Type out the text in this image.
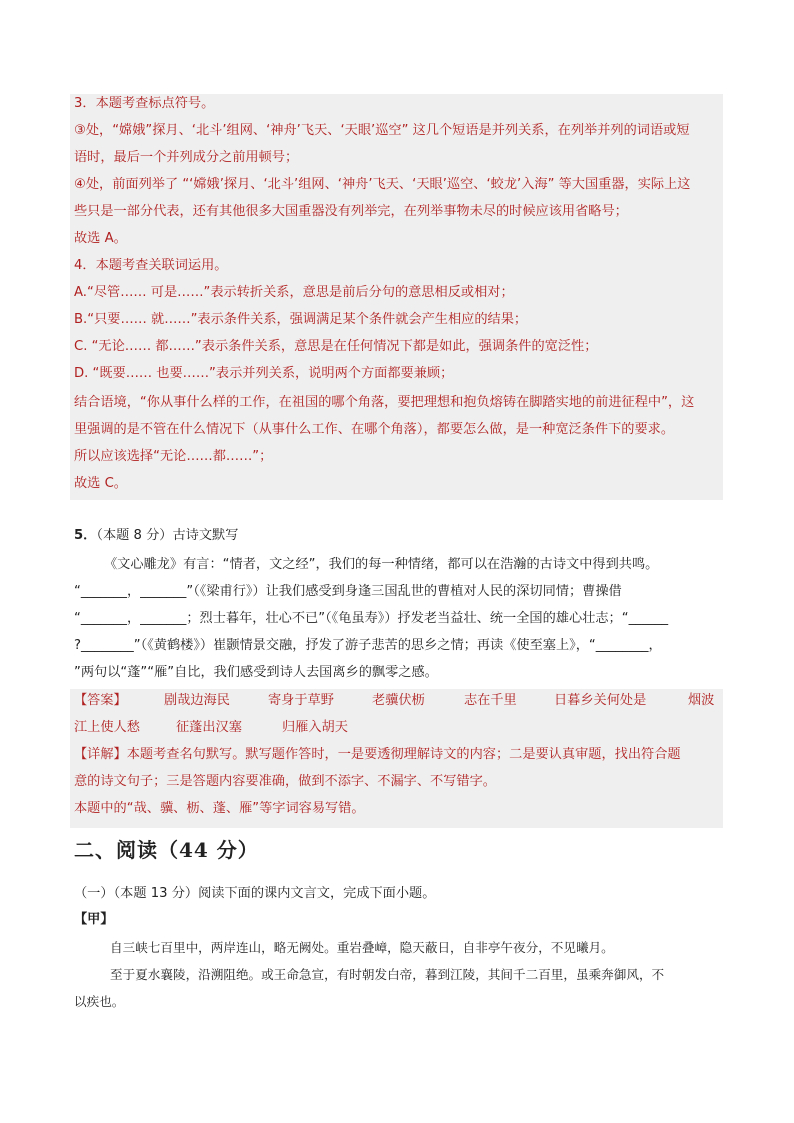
3．本题考查标点符号。
③处，“嫦娥”探月、‘北斗’组网、‘神舟’飞天、‘天眼’巡空” 这几个短语是并列关系，在列举并列的词语或短
语时，最后一个并列成分之前用顿号；
④处，前面列举了 “‘嫦娥’探月、‘北斗’组网、‘神舟’飞天、‘天眼’巡空、‘蛟龙’入海” 等大国重器，实际上这
些只是一部分代表，还有其他很多大国重器没有列举完，在列举事物未尽的时候应该用省略号；
故选 A。
4．本题考查关联词运用。
A.“尽管…… 可是……”表示转折关系，意思是前后分句的意思相反或相对；
B.“只要…… 就……”表示条件关系，强调满足某个条件就会产生相应的结果；
C. “无论…… 都……”表示条件关系，意思是在任何情况下都是如此，强调条件的宽泛性；
D. “既要…… 也要……”表示并列关系，说明两个方面都要兼顾；
结合语境，“你从事什么样的工作，在祖国的哪个角落，要把理想和抱负熔铸在脚踏实地的前进征程中”，这
里强调的是不管在什么情况下（从事什么工作、在哪个角落），都要怎么做，是一种宽泛条件下的要求。
所以应该选择“无论……都……”；
故选 C。
5．（本题 8 分）古诗文默写
《文心雕龙》有言：“情者，文之经”，我们的每一种情绪，都可以在浩瀚的古诗文中得到共鸣。
“_______，_______”（《梁甫行》）让我们感受到身逢三国乱世的曹植对人民的深切同情；曹操借
“_______，_______；烈士暮年，壮心不已”（《龟虽寿》）抒发老当益壮、统一全国的雄心壮志；“______
?________”（《黄鹤楼》）崔颢情景交融，抒发了游子悲苦的思乡之情；再读《使至塞上》，“________，
”两句以“蓬”“雁”自比，我们感受到诗人去国离乡的飘零之感。
【答案】	剧哉边海民	寄身于草野	老骥伏枥	志在千里	日暮乡关何处是	烟波
江上使人愁	征蓬出汉塞	归雁入胡天
【详解】本题考查名句默写。默写题作答时，一是要透彻理解诗文的内容；二是要认真审题，找出符合题
意的诗文句子；三是答题内容要准确，做到不添字、不漏字、不写错字。
本题中的“哉、骥、枥、蓬、雁”等字词容易写错。
二、阅读（44 分）
（一）（本题 13 分）阅读下面的课内文言文，完成下面小题。
【甲】
自三峡七百里中，两岸连山，略无阙处。重岩叠嶂，隐天蔽日，自非亭午夜分，不见曦月。
至于夏水襄陵，沿溯阻绝。或王命急宣，有时朝发白帝，暮到江陵，其间千二百里，虽乘奔御风，不
以疾也。
